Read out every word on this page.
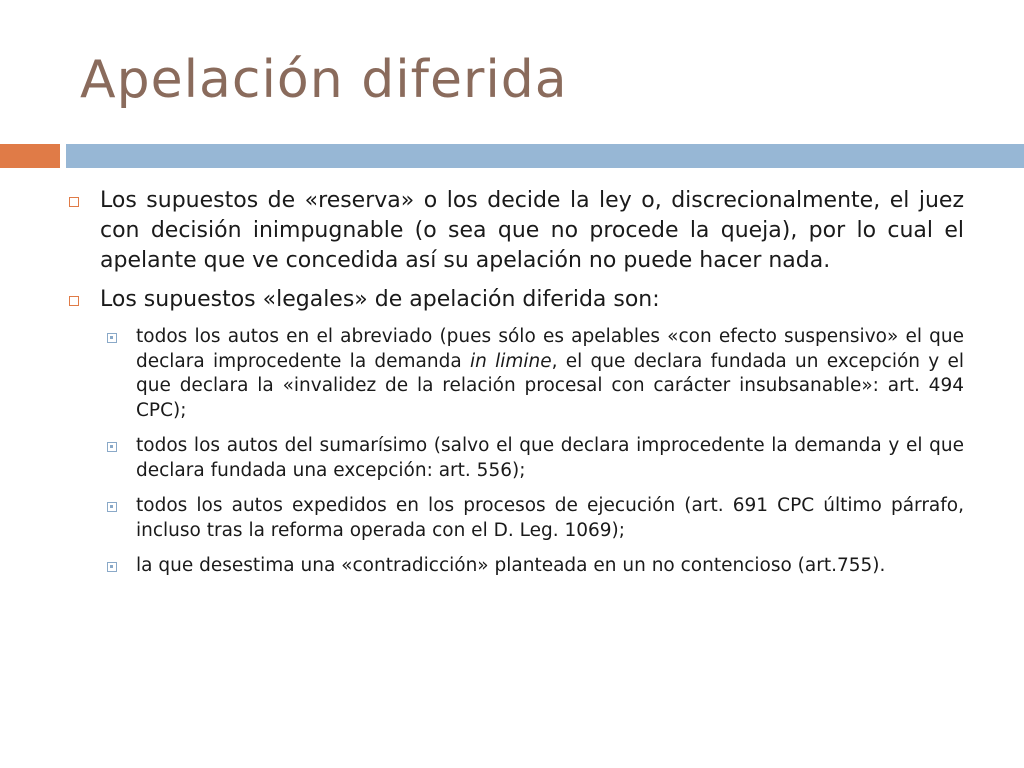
Apelación diferida
Los supuestos de «reserva» o los decide la ley o, discrecionalmente, el juez con decisión inimpugnable (o sea que no procede la queja), por lo cual el apelante que ve concedida así su apelación no puede hacer nada.
Los supuestos «legales» de apelación diferida son:
todos los autos en el abreviado (pues sólo es apelables «con efecto suspensivo» el que declara improcedente la demanda in limine, el que declara fundada un excepción y el que declara la «invalidez de la relación procesal con carácter insubsanable»: art. 494 CPC);
todos los autos del sumarísimo (salvo el que declara improcedente la demanda y el que declara fundada una excepción: art. 556);
todos los autos expedidos en los procesos de ejecución (art. 691 CPC último párrafo, incluso tras la reforma operada con el D. Leg. 1069);
la que desestima una «contradicción» planteada en un no contencioso (art.755).
